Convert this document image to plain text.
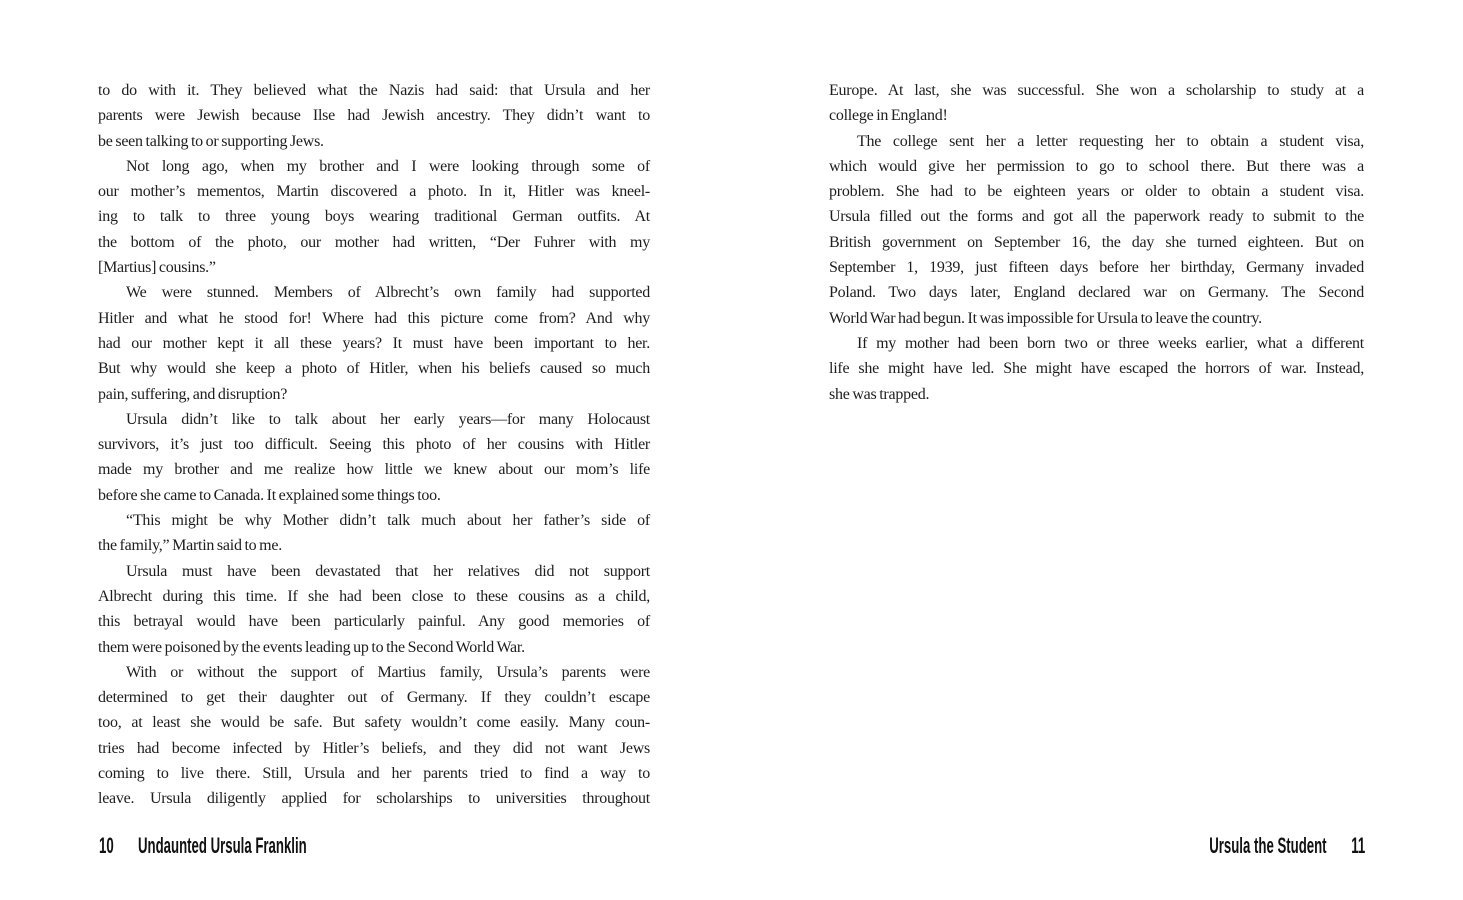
to do with it. They believed what the Nazis had said: that Ursula and her
parents were Jewish because Ilse had Jewish ancestry. They didn’t want to
be seen talking to or supporting Jews.
Not long ago, when my brother and I were looking through some of
our mother’s mementos, Martin discovered a photo. In it, Hitler was kneel-
ing to talk to three young boys wearing traditional German outfits. At
the bottom of the photo, our mother had written, “Der Fuhrer with my
[Martius] cousins.”
We were stunned. Members of Albrecht’s own family had supported
Hitler and what he stood for! Where had this picture come from? And why
had our mother kept it all these years? It must have been important to her.
But why would she keep a photo of Hitler, when his beliefs caused so much
pain, suffering, and disruption?
Ursula didn’t like to talk about her early years—for many Holocaust
survivors, it’s just too difficult. Seeing this photo of her cousins with Hitler
made my brother and me realize how little we knew about our mom’s life
before she came to Canada. It explained some things too.
“This might be why Mother didn’t talk much about her father’s side of
the family,” Martin said to me.
Ursula must have been devastated that her relatives did not support
Albrecht during this time. If she had been close to these cousins as a child,
this betrayal would have been particularly painful. Any good memories of
them were poisoned by the events leading up to the Second World War.
With or without the support of Martius family, Ursula’s parents were
determined to get their daughter out of Germany. If they couldn’t escape
too, at least she would be safe. But safety wouldn’t come easily. Many coun-
tries had become infected by Hitler’s beliefs, and they did not want Jews
coming to live there. Still, Ursula and her parents tried to find a way to
leave. Ursula diligently applied for scholarships to universities throughout
Europe. At last, she was successful. She won a scholarship to study at a
college in England!
The college sent her a letter requesting her to obtain a student visa,
which would give her permission to go to school there. But there was a
problem. She had to be eighteen years or older to obtain a student visa.
Ursula filled out the forms and got all the paperwork ready to submit to the
British government on September 16, the day she turned eighteen. But on
September 1, 1939, just fifteen days before her birthday, Germany invaded
Poland. Two days later, England declared war on Germany. The Second
World War had begun. It was impossible for Ursula to leave the country.
If my mother had been born two or three weeks earlier, what a different
life she might have led. She might have escaped the horrors of war. Instead,
she was trapped.
10 Undaunted Ursula Franklin	Ursula the Student 11
